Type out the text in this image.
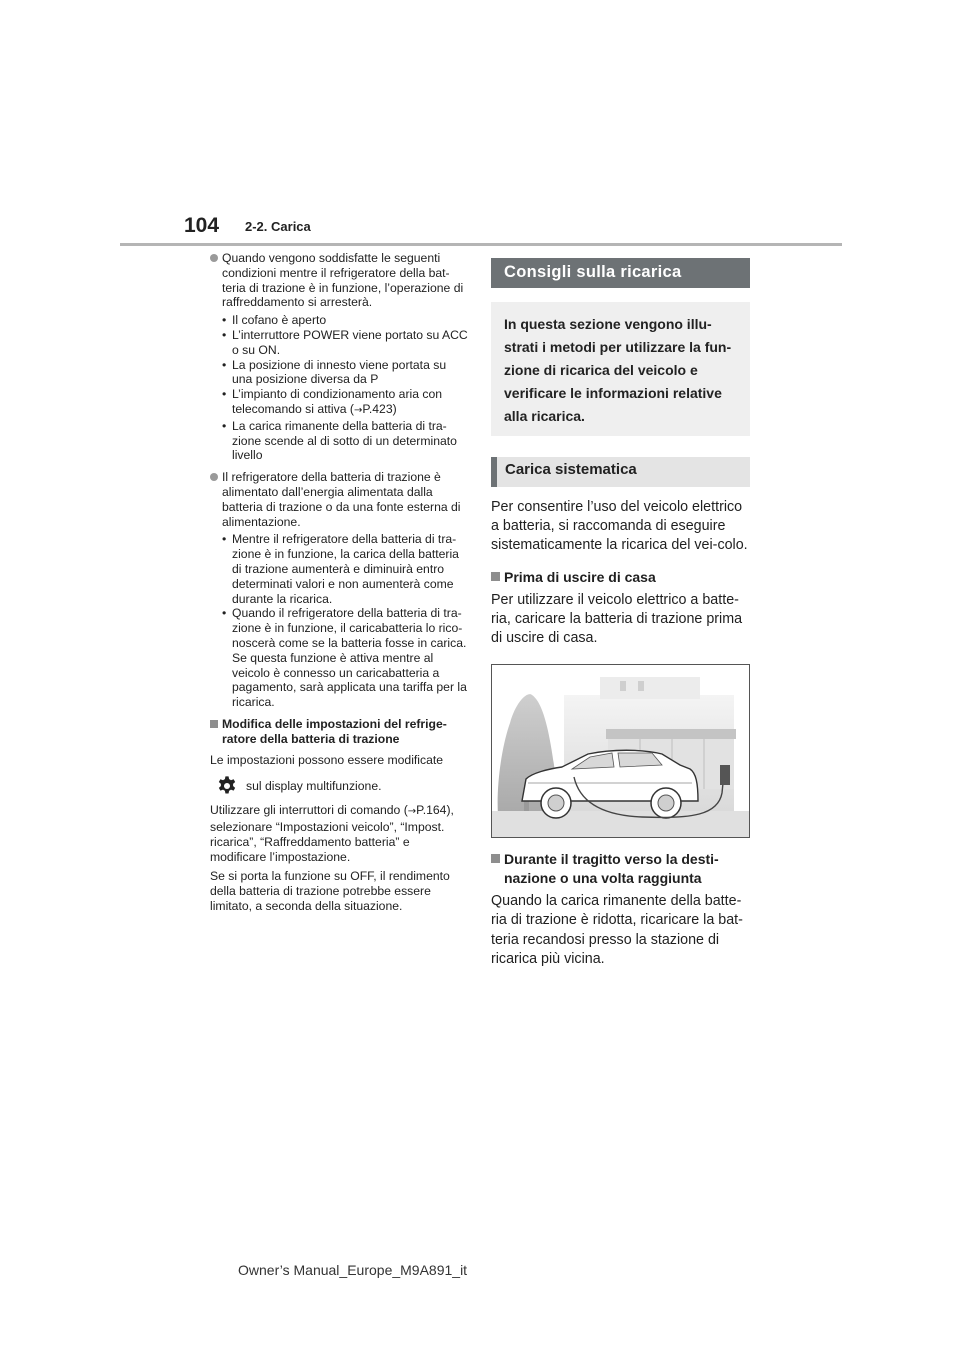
104 2-2. Carica
Quando vengono soddisfatte le seguenti condizioni mentre il refrigeratore della bat-teria di trazione è in funzione, l’operazione di raffreddamento si arresterà.
• Il cofano è aperto
• L’interruttore POWER viene portato su ACC o su ON.
• La posizione di innesto viene portata su una posizione diversa da P
• L’impianto di condizionamento aria con telecomando si attiva (→P.423)
• La carica rimanente della batteria di tra-zione scende al di sotto di un determinato livello
Il refrigeratore della batteria di trazione è alimentato dall’energia alimentata dalla batteria di trazione o da una fonte esterna di alimentazione.
• Mentre il refrigeratore della batteria di tra-zione è in funzione, la carica della batteria di trazione aumenterà e diminuirà entro determinati valori e non aumenterà come durante la ricarica.
• Quando il refrigeratore della batteria di tra-zione è in funzione, il caricabatteria lo rico-noscerà come se la batteria fosse in carica. Se questa funzione è attiva mentre al veicolo è connesso un caricabatteria a pagamento, sarà applicata una tariffa per la ricarica.
Modifica delle impostazioni del refrige-ratore della batteria di trazione

Le impostazioni possono essere modificate

sul display multifunzione.

Utilizzare gli interruttori di comando (→P.164), selezionare “Impostazioni veicolo”, “Impost. ricarica”, “Raffreddamento batteria” e modificare l’impostazione.

Se si porta la funzione su OFF, il rendimento della batteria di trazione potrebbe essere limitato, a seconda della situazione.

Consigli sulla ricarica
In questa sezione vengono illu-strati i metodi per utilizzare la fun-zione di ricarica del veicolo e verificare le informazioni relative alla ricarica.
Carica sistematica

Per consentire l’uso del veicolo elettrico a batteria, si raccomanda di eseguire sistematicamente la ricarica del vei-colo.

Prima di uscire di casa

Per utilizzare il veicolo elettrico a batte-ria, caricare la batteria di trazione prima di uscire di casa.

Durante il tragitto verso la desti-nazione o una volta raggiunta

Quando la carica rimanente della batte-ria di trazione è ridotta, ricaricare la bat-teria recandosi presso la stazione di ricarica più vicina.

Owner’s Manual_Europe_M9A891_it
